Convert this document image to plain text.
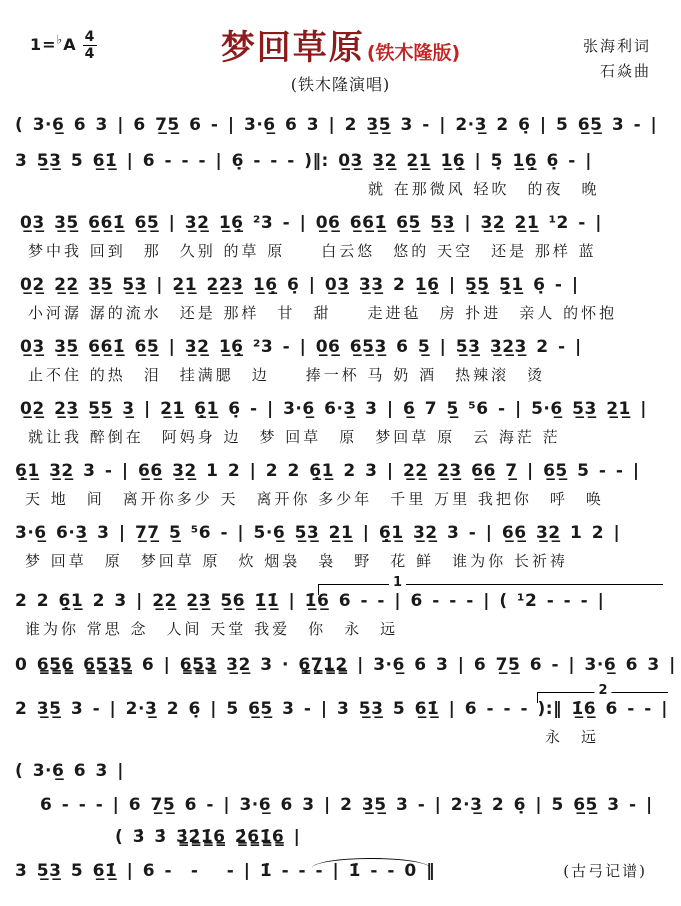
$1=^♭A \frac{4}{4}$	梦回草原 (铁木隆版)
(铁木隆演唱)
张海利词
石焱曲
( 3·6̲ 6 3 | 6 7̲5̲ 6 - | 3·6̲ 6 3 | 2 3̲5̲ 3 - | 2·3̲ 2 6̣ | 5 6̲5̲ 3 - |
3 5̲3̲ 5 6̲1̲̇ | 6 - - - | 6̣ - - - )‖: 0̲3̲ 3̲2̲ 2̲1̲ 1̲6̣̲ | 5̣ 1̲6̣̲ 6̣ - |
就 在那微风 轻吹　的夜　晚
0̲3̲ 3̲5̲ 6̲6̲1̲̇ 6̲5̲ | 3̲2̲ 1̲6̣̲ ²3 - | 0̲6̲ 6̲6̲1̲̇ 6̲5̲ 5̲3̲ | 3̲2̲ 2̲1̲ ¹2 - |
梦中我 回到　那　久别 的草 原　　白云悠　悠的 天空　还是 那样 蓝
0̲2̲ 2̲2̲ 3̲5̲ 5̲3̲ | 2̲1̲ 2̲2̲3̲ 1̲6̣̲ 6̣ | 0̲3̲ 3̲3̲ 2 1̲6̣̲ | 5̣̲5̣̲ 5̣̲1̲ 6̣ - |
小河潺 潺的流水　还是 那样　甘　甜　　走进毡　房 扑进　亲人 的怀抱
0̲3̲ 3̲5̲ 6̲6̲1̲̇ 6̲5̲ | 3̲2̲ 1̲6̣̲ ²3 - | 0̲6̲ 6̲5̲3̲ 6 5̲ | 5̲3̲ 3̲2̲3̲ 2 - |
止不住 的热　泪　挂满腮　边　　捧一杯 马 奶 酒　热辣滚　烫
0̲2̲ 2̲3̲ 5̲5̲ 3̲ | 2̲1̲ 6̣̲1̲ 6̣ - | 3·6̲ 6·3̲ 3 | 6̲ 7 5̲ ⁵6 - | 5·6̲ 5̲3̲ 2̲1̲ |
就让我 醉倒在　阿妈身 边　梦 回草　原　梦回草 原　云 海茫 茫
6̣̲1̲ 3̲2̲ 3 - | 6̲6̲ 3̲2̲ 1 2 | 2 2 6̣̲1̲ 2 3 | 2̲2̲ 2̲3̲ 6̲6̲ 7̲ | 6̲5̲ 5 - - |
天 地　间　离开你多少 天　离开你 多少年　千里 万里 我把你　呼　唤
3·6̲ 6·3̲ 3 | 7̲7̲ 5̲ ⁵6 - | 5·6̲ 5̲3̲ 2̲1̲ | 6̣̲1̲ 3̲2̲ 3 - | 6̲6̲ 3̲2̲ 1 2 |
梦 回草　原　梦回草 原　炊 烟袅　袅　野　花 鲜　谁为你 长祈祷
1
2 2 6̣̲1̲ 2 3 | 2̲2̲ 2̲3̲ 5̲6̲ 1̲̇1̲̇ | 1̲̇6̲ 6 - - | 6 - - - | ( ¹2 - - - |
谁为你 常思 念　人间 天堂 我爱　你　永　远
0 6̳5̳6̳ 6̳5̳3̳5̳ 6 | 6̳5̳3̳ 3̲2̲ 3 · 6̣̳7̣̳1̳2̳ | 3·6̲ 6 3 | 6 7̲5̲ 6 - | 3·6̲ 6 3 |
2
2 3̲5̲ 3 - | 2·3̲ 2 6̣ | 5 6̲5̲ 3 - | 3 5̲3̲ 5 6̲1̲̇ | 6 - - - ):‖ 1̲̇6̲ 6 - - |
永　远
( 3·6̲ 6 3 |
6 - - - | 6 7̲5̲ 6 - | 3·6̲ 6 3 | 2 3̲5̲ 3 - | 2·3̲ 2 6̣ | 5 6̲5̲ 3 - |
( 3̇ 3̇ 3̳̇2̳̇1̳̇6̳ 2̳̇6̳1̳̇6̳ |
3 5̲3̲ 5 6̲1̲̇ | 6 -  -   - | 1̇ - - - | 1̇ - - 0 ‖	(古弓记谱)
